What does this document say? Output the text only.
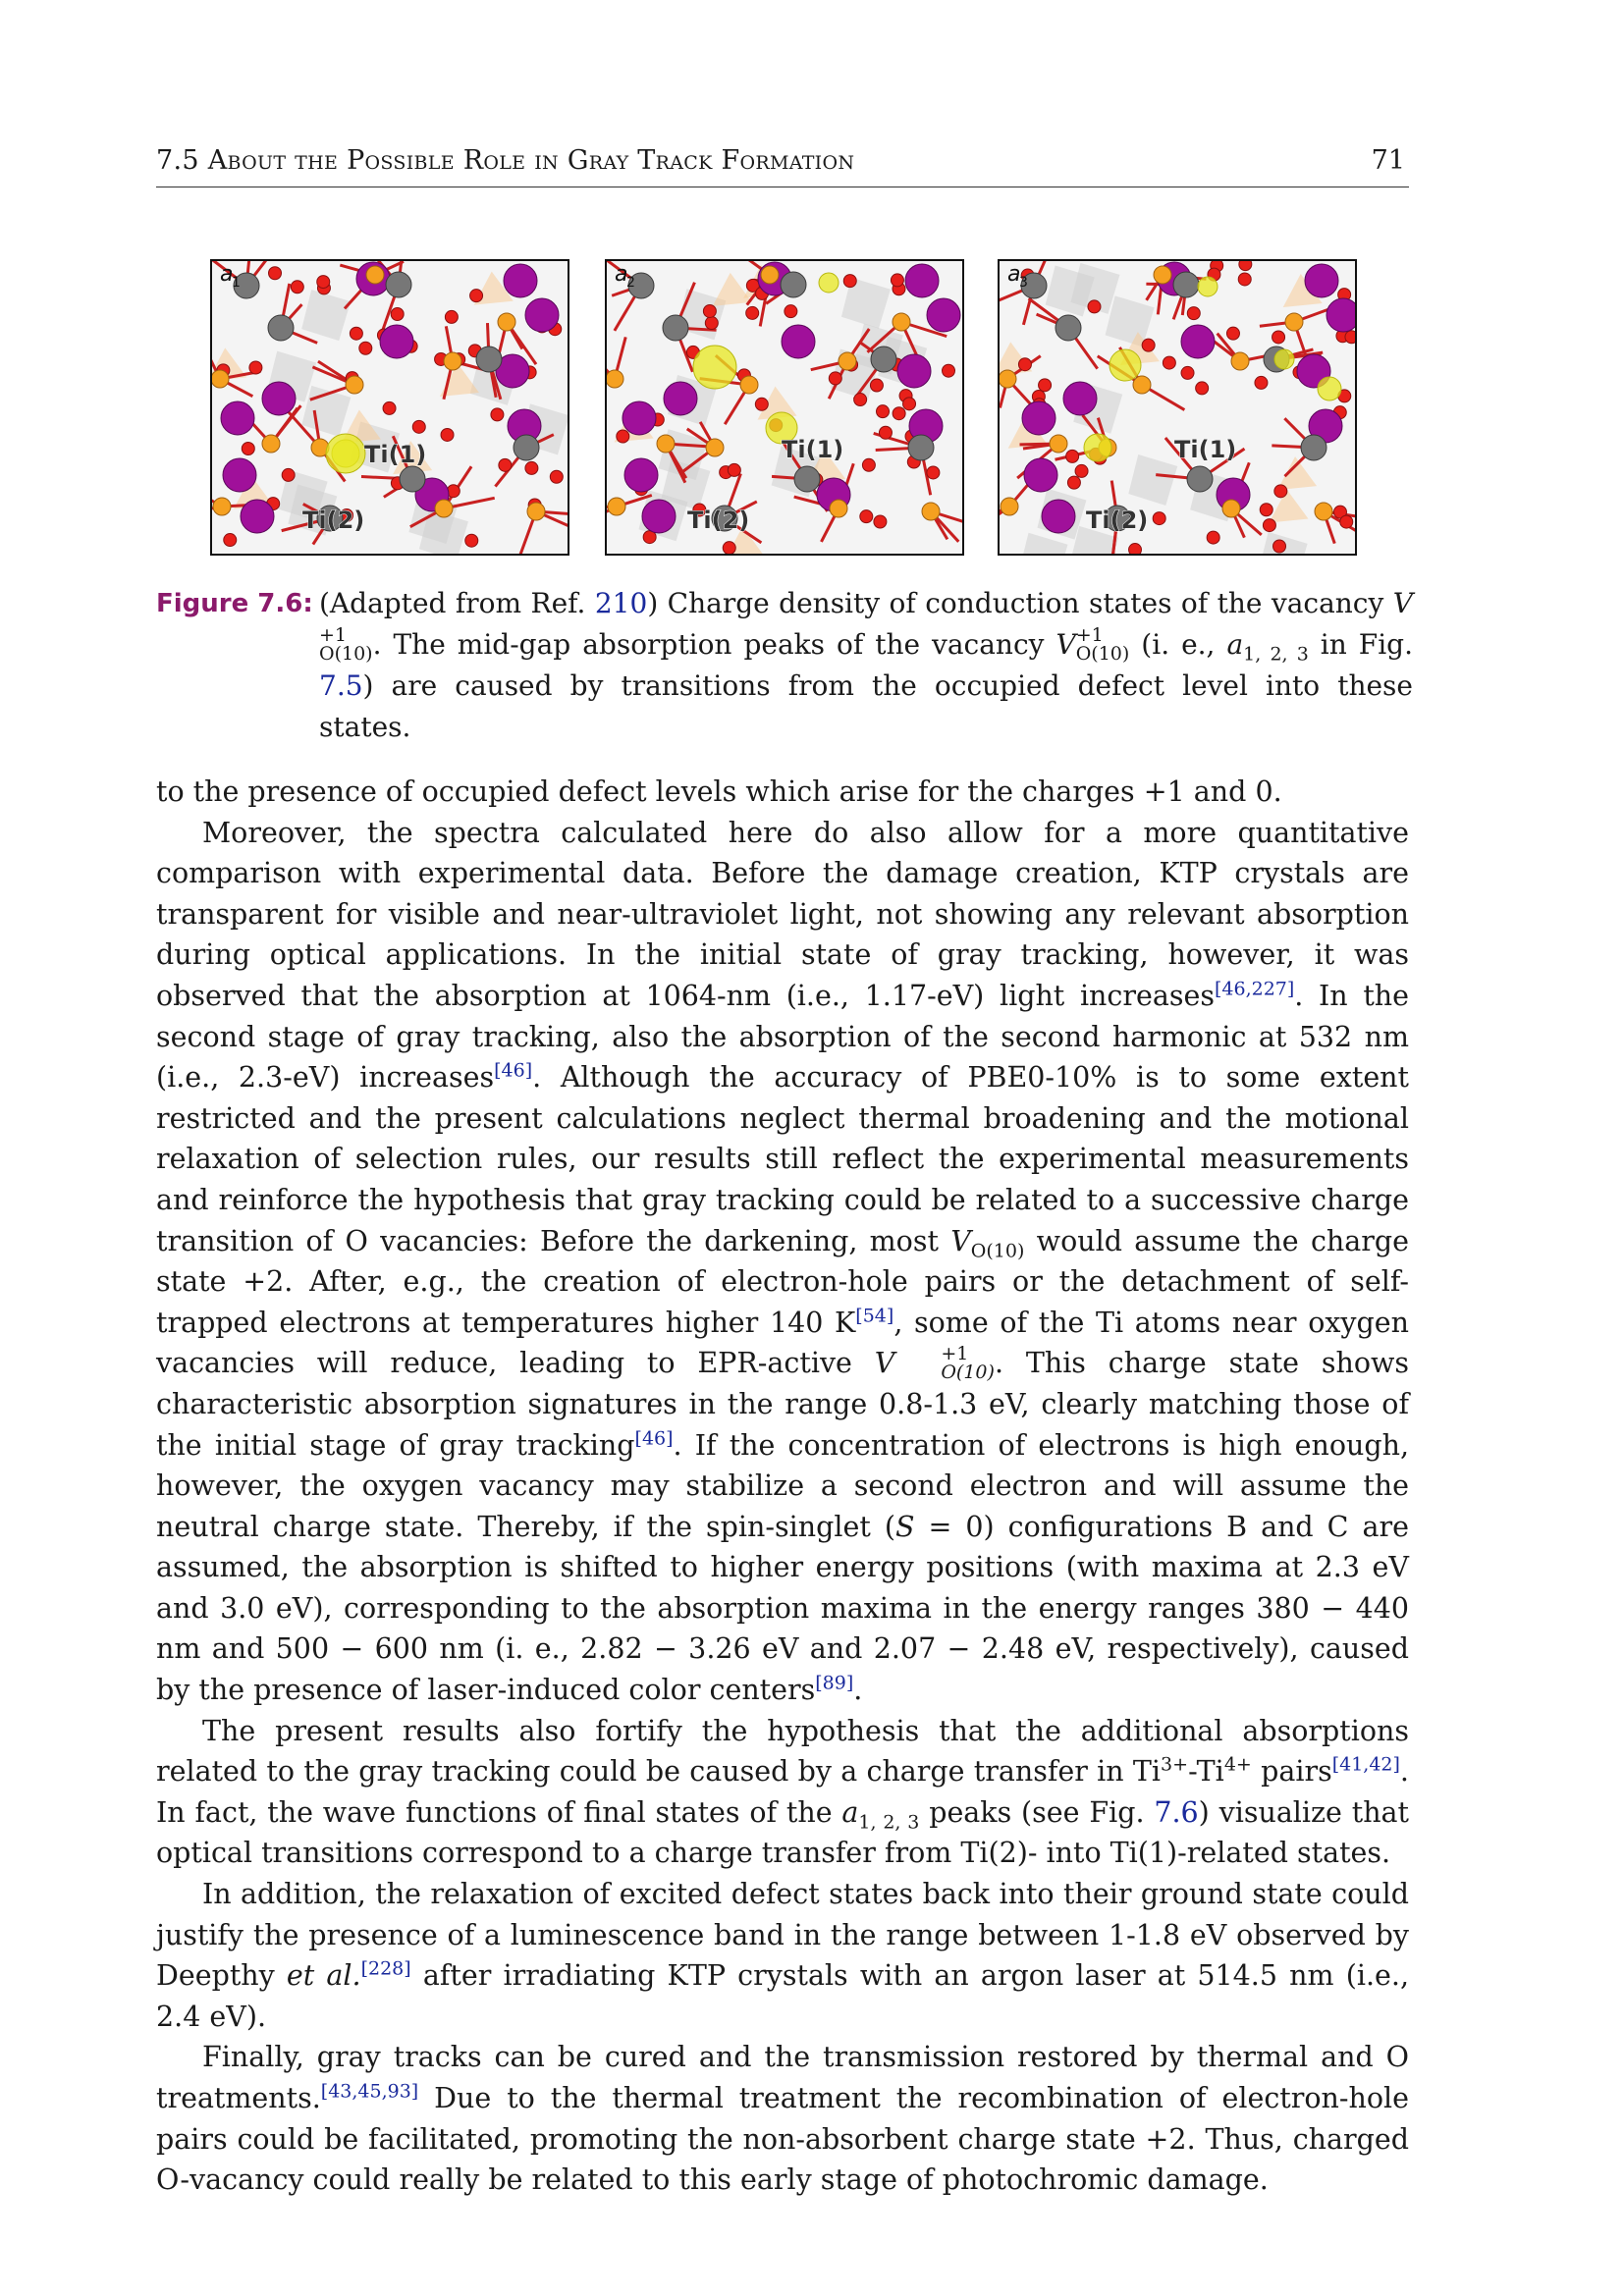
7.5 About the Possible Role in Gray Track Formation	71
a
1
Ti(1)
Ti(2)
a
2
Ti(1)
Ti(2)
a
3
Ti(1)
Ti(2)
Figure 7.6: (Adapted from Ref. 210) Charge density of conduction states of the vacancy V
+1
O(10) . The mid-gap absorption peaks of the vacancy V +1
O(10) (i. e., $a_{1, 2, 3}$ in Fig. 7.5) are caused by transitions from the occupied defect level into these states.

to the presence of occupied defect levels which arise for the charges +1 and 0.

Moreover, the spectra calculated here do also allow for a more quantitative comparison with experimental data. Before the damage creation, KTP crystals are transparent for visible and near-ultraviolet light, not showing any relevant absorption during optical applications. In the initial state of gray tracking, however, it was observed that the absorption at 1064-nm (i.e., 1.17-eV) light increases[46,227]. In the second stage of gray tracking, also the absorption of the second harmonic at 532 nm (i.e., 2.3-eV) increases[46]. Although the accuracy of PBE0-10% is to some extent restricted and the present calculations neglect thermal broadening and the motional relaxation of selection rules, our results still reflect the experimental measurements and reinforce the hypothesis that gray tracking could be related to a successive charge transition of O vacancies: Before the darkening, most $V_{O(10)}$ would assume the charge state +2. After, e.g., the creation of electron-hole pairs or the detachment of self-trapped electrons at temperatures higher 140 K[54], some of the Ti atoms near oxygen vacancies will reduce, leading to EPR-active V	+1
O(10) . This charge state shows characteristic absorption signatures in the range 0.8-1.3 eV, clearly matching those of the initial stage of gray tracking[46]. If the concentration of electrons is high enough, however, the oxygen vacancy may stabilize a second electron and will assume the neutral charge state. Thereby, if the spin-singlet (S = 0) configurations B and C are assumed, the absorption is shifted to higher energy positions (with maxima at 2.3 eV and 3.0 eV), corresponding to the absorption maxima in the energy ranges 380 − 440 nm and 500 − 600 nm (i. e., 2.82 − 3.26 eV and 2.07 − 2.48 eV, respectively), caused by the presence of laser-induced color centers[89].

The present results also fortify the hypothesis that the additional absorptions related to the gray tracking could be caused by a charge transfer in $Ti^{3+}-Ti^{4+}$ pairs[41,42]. In fact, the wave functions of final states of the $a_{1, 2, 3}$ peaks (see Fig. 7.6) visualize that optical transitions correspond to a charge transfer from Ti(2)- into Ti(1)-related states.

In addition, the relaxation of excited defect states back into their ground state could justify the presence of a luminescence band in the range between 1-1.8 eV observed by Deepthy et al.[228] after irradiating KTP crystals with an argon laser at 514.5 nm (i.e., 2.4 eV).

Finally, gray tracks can be cured and the transmission restored by thermal and O treatments.[43,45,93] Due to the thermal treatment the recombination of electron-hole pairs could be facilitated, promoting the non-absorbent charge state +2. Thus, charged O-vacancy could really be related to this early stage of photochromic damage.
